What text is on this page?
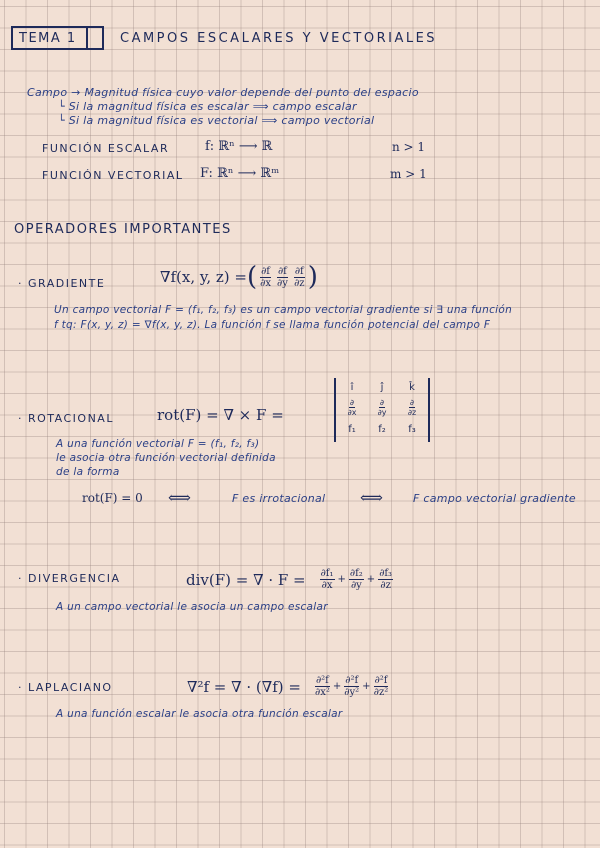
TEMA 1	CAMPOS ESCALARES Y VECTORIALES
Campo → Magnitud física cuyo valor depende del punto del espacio
└ Si la magnitud física es escalar ⟹ campo escalar
└ Si la magnitud física es vectorial ⟹ campo vectorial
FUNCIÓN ESCALAR	f: ℝⁿ ⟶ ℝ	n > 1
FUNCIÓN VECTORIAL F: ℝⁿ ⟶ ℝᵐ	m > 1
OPERADORES IMPORTANTES
· GRADIENTE	∇f(x, y, z) = ( $\frac{\partial f}{\partial x} \frac{\partial f}{\partial y} \frac{\partial f}{\partial z}$ )
Un campo vectorial F = (f₁, f₂, f₃) es un campo vectorial gradiente si ∃ una función
f tq: F(x, y, z) = ∇f(x, y, z). La función f se llama función potencial del campo F
· ROTACIONAL	rot(F) = ∇ × F =
î	ĵ	k̂
$\frac{\partial}{\partial x}$	$\frac{\partial}{\partial y}$	$\frac{\partial}{\partial z}$
f₁	f₂	f₃
A una función vectorial F = (f₁, f₂, f₃)
le asocia otra función vectorial definida
de la forma
rot(F) = 0 ⟺	F es irrotacional ⟺	F campo vectorial gradiente
· DIVERGENCIA	div(F) = ∇ · $F = \frac{\text{∂f₁}}{\partial x} + \frac{\text{∂f₂}}{\partial y} + \frac{\text{∂f₃}}{\partial z}$
A un campo vectorial le asocia un campo escalar
· LAPLACIANO	∇²f = ∇ · $(\nabla f) = \frac{\text{∂²f}}{\text{∂x²}} + \frac{\text{∂²f}}{\text{∂y²}} + \frac{\text{∂²f}}{\text{∂z²}}$
A una función escalar le asocia otra función escalar
